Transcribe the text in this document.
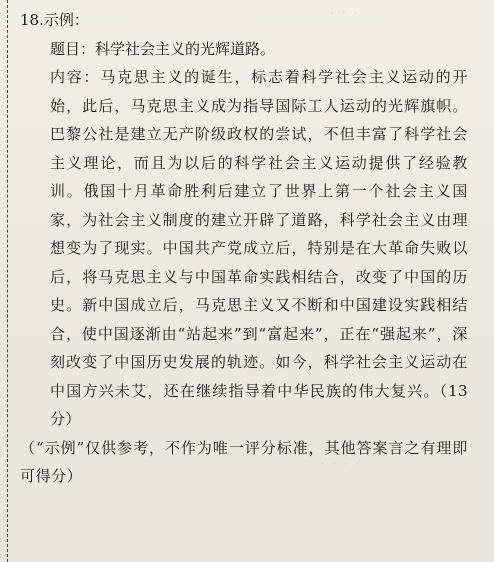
· · ·
· · · ·

18.示例：

题目：科学社会主义的光辉道路。

内容：马克思主义的诞生，标志着科学社会主义运动的开始，此后，马克思主义成为指导国际工人运动的光辉旗帜。巴黎公社是建立无产阶级政权的尝试，不但丰富了科学社会主义理论，而且为以后的科学社会主义运动提供了经验教训。俄国十月革命胜利后建立了世界上第一个社会主义国家，为社会主义制度的建立开辟了道路，科学社会主义由理想变为了现实。中国共产党成立后，特别是在大革命失败以后，将马克思主义与中国革命实践相结合，改变了中国的历史。新中国成立后，马克思主义又不断和中国建设实践相结合，使中国逐渐由“站起来”到“富起来”，正在“强起来”，深刻改变了中国历史发展的轨迹。如今，科学社会主义运动在中国方兴未艾，还在继续指导着中华民族的伟大复兴。（13 分）

（“示例”仅供参考，不作为唯一评分标准，其他答案言之有理即可得分）
